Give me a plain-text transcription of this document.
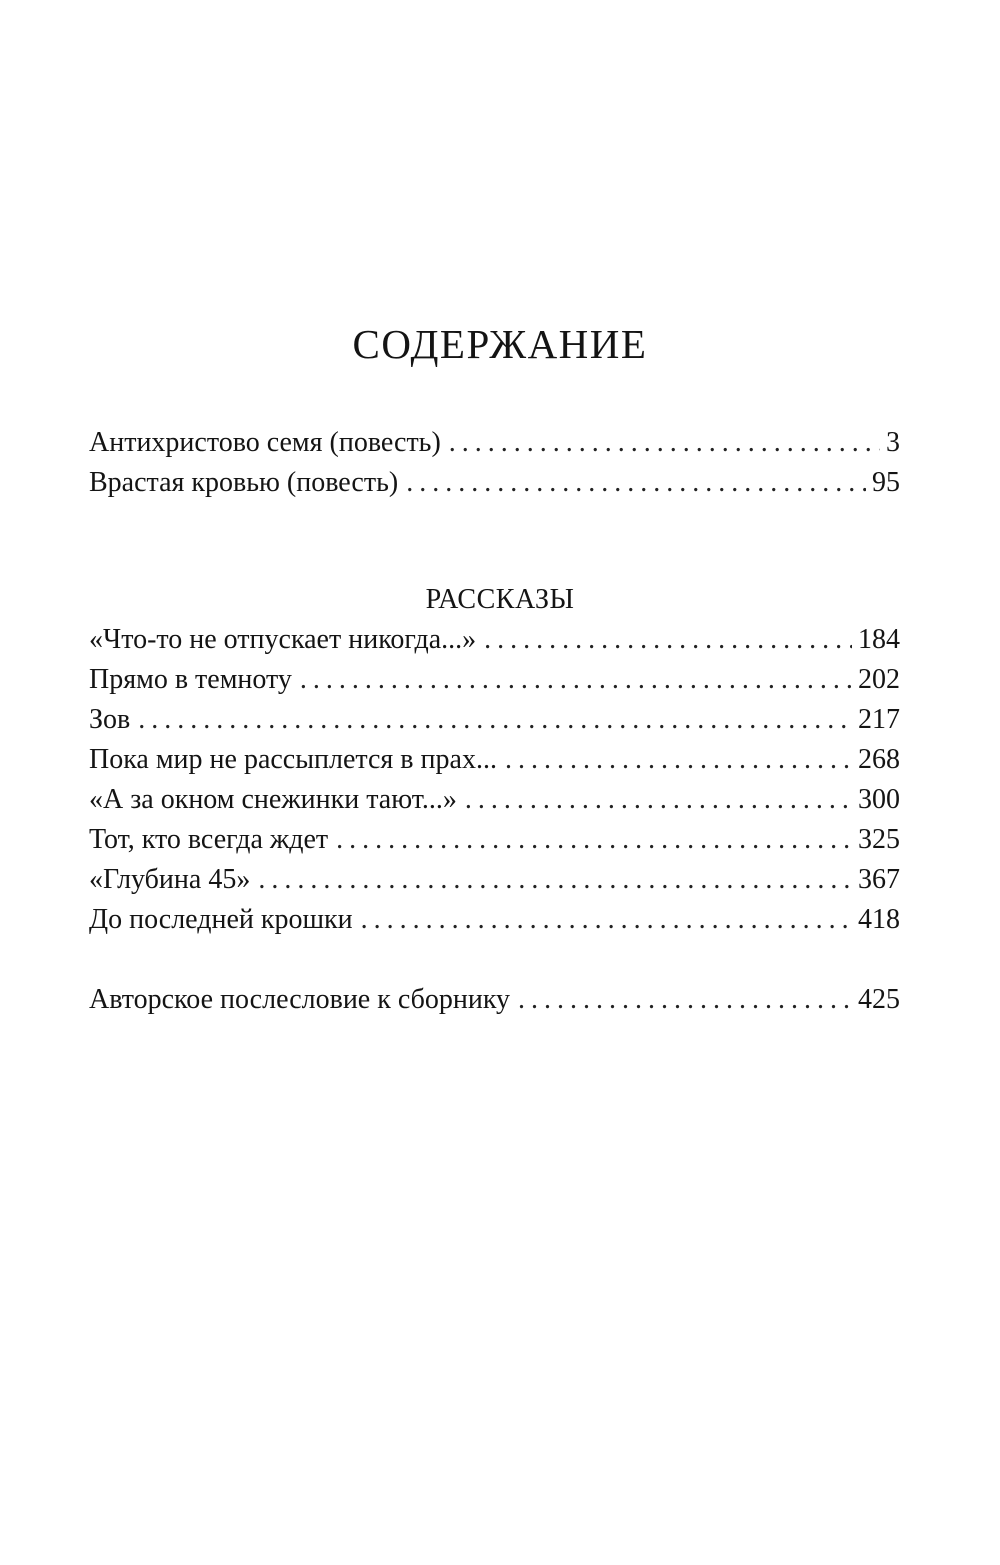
СОДЕРЖАНИЕ
Антихристово семя (повесть) . . .	3
Врастая кровью (повесть) . . .	95
РАССКАЗЫ
«Что-то не отпускает никогда...» . . .	184
Прямо в темноту . . .	202
Зов . . .	217
Пока мир не рассыплется в прах... . . .	268
«А за окном снежинки тают...» . . .	300
Тот, кто всегда ждет . . .	325
«Глубина 45» . . .	367
До последней крошки . . .	418
Авторское послесловие к сборнику . . .	425
